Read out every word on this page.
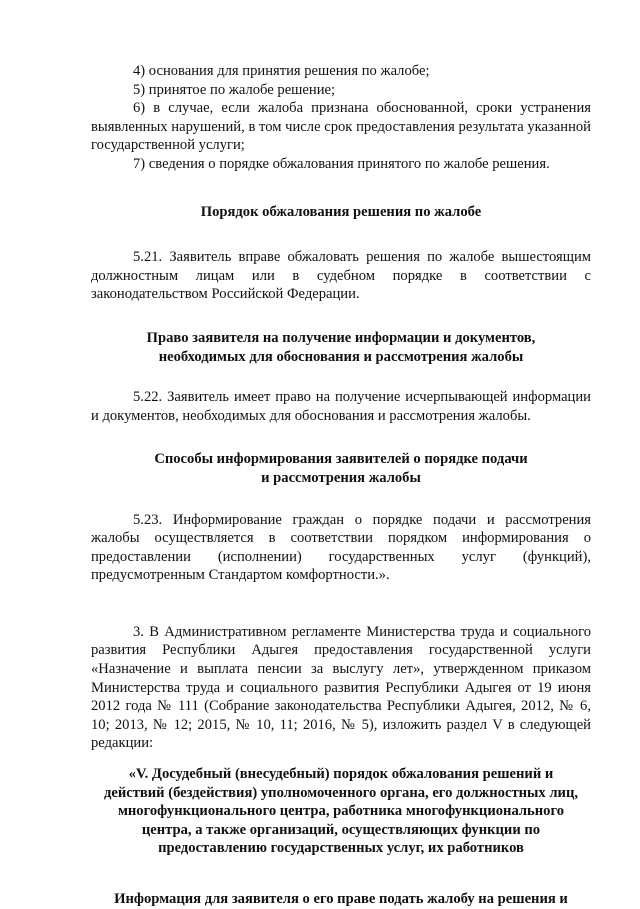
4) основания для принятия решения по жалобе;

5) принятое по жалобе решение;

6) в случае, если жалоба признана обоснованной, сроки устранения выявленных нарушений, в том числе срок предоставления результата указанной государственной услуги;

7) сведения о порядке обжалования принятого по жалобе решения.

Порядок обжалования решения по жалобе

5.21. Заявитель вправе обжаловать решения по жалобе вышестоящим должностным лицам или в судебном порядке в соответствии с законодательством Российской Федерации.

Право заявителя на получение информации и документов,

необходимых для обоснования и рассмотрения жалобы

5.22. Заявитель имеет право на получение исчерпывающей информации и документов, необходимых для обоснования и рассмотрения жалобы.

Способы информирования заявителей о порядке подачи

и рассмотрения жалобы

5.23. Информирование граждан о порядке подачи и рассмотрения жалобы осуществляется в соответствии порядком информирования о предоставлении (исполнении) государственных услуг (функций), предусмотренным Стандартом комфортности.».

3. В Административном регламенте Министерства труда и социального развития Республики Адыгея предоставления государственной услуги «Назначение и выплата пенсии за выслугу лет», утвержденном приказом Министерства труда и социального развития Республики Адыгея от 19 июня 2012 года № 111 (Собрание законодательства Республики Адыгея, 2012, № 6, 10; 2013, № 12; 2015, № 10, 11; 2016, № 5), изложить раздел V в следующей редакции:

«V. Досудебный (внесудебный) порядок обжалования решений и

действий (бездействия) уполномоченного органа, его должностных лиц,

многофункционального центра, работника многофункционального

центра, а также организаций, осуществляющих функции по

предоставлению государственных услуг, их работников

Информация для заявителя о его праве подать жалобу на решения и
